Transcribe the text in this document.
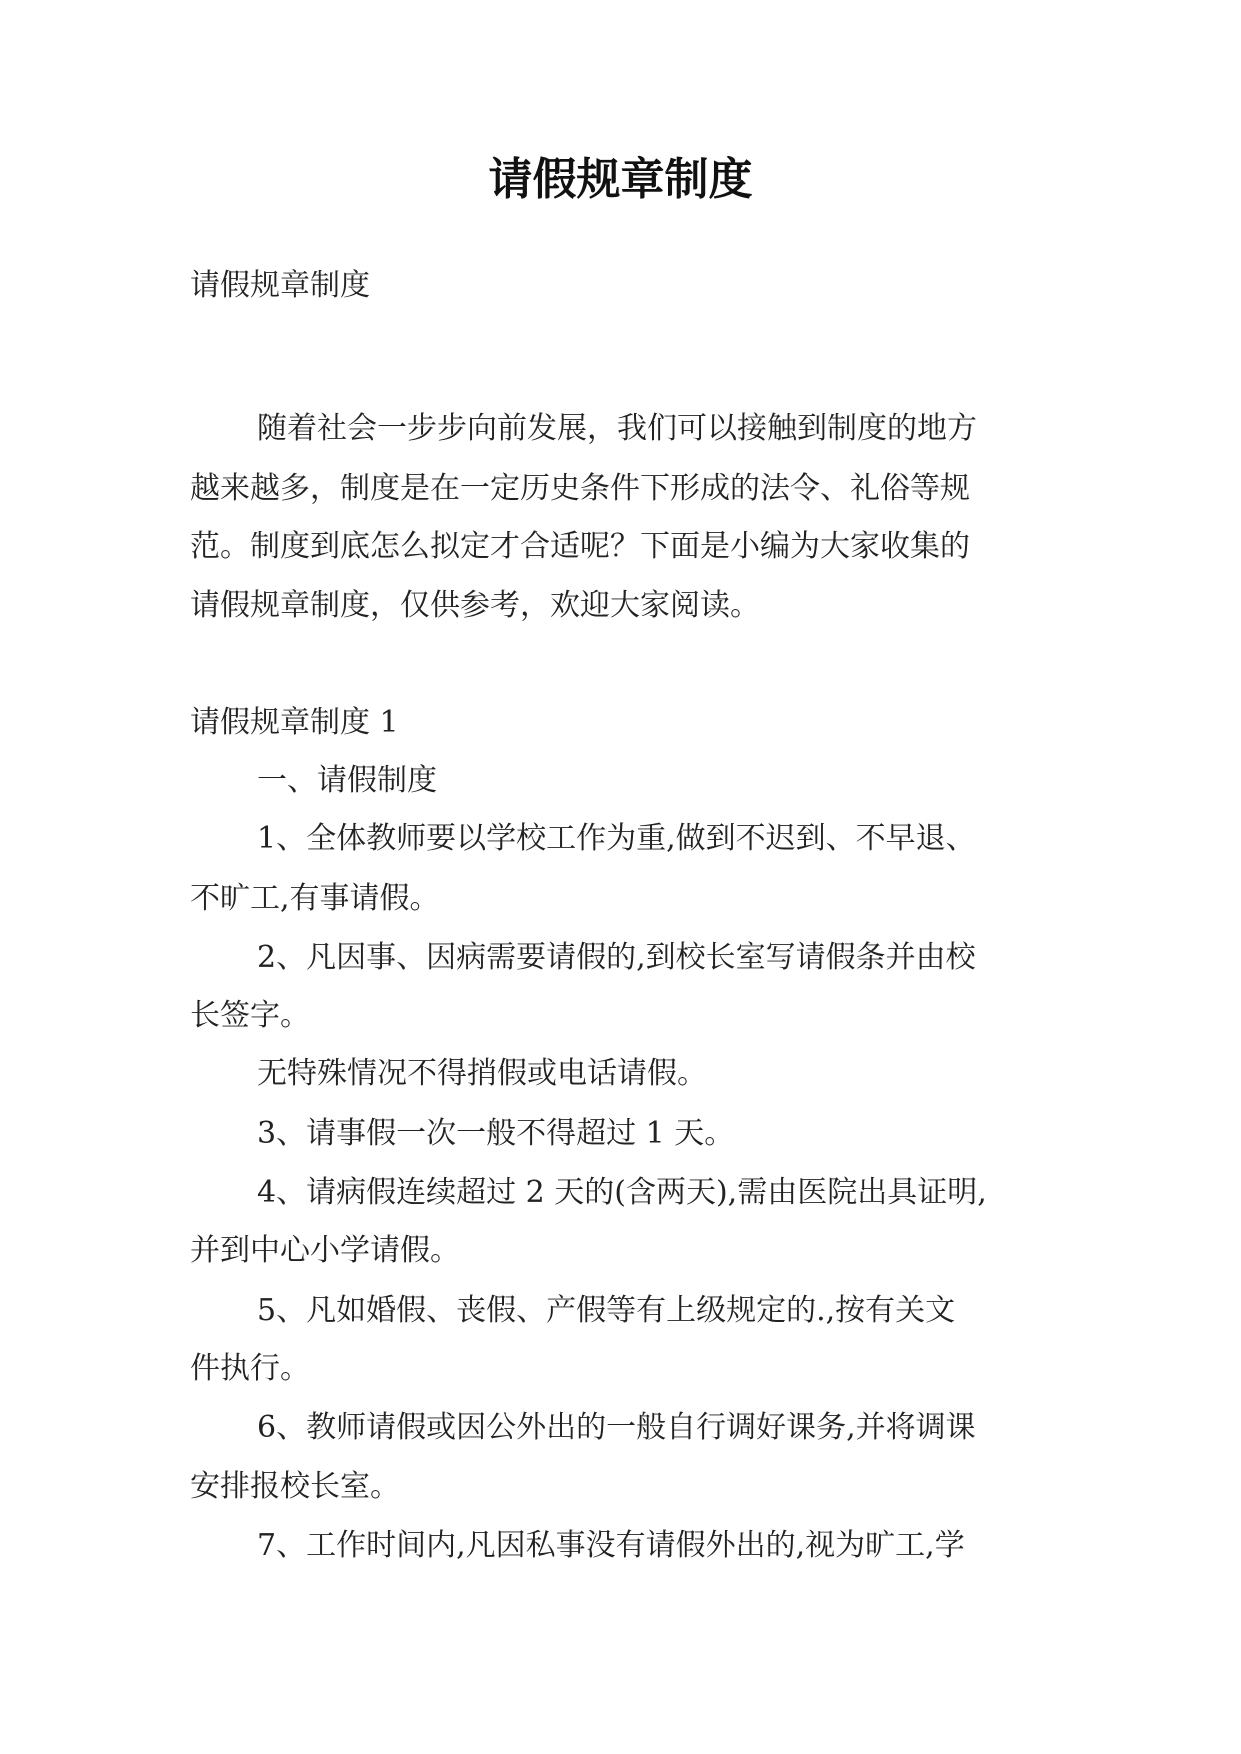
请假规章制度
请假规章制度
随着社会一步步向前发展，我们可以接触到制度的地方
越来越多，制度是在一定历史条件下形成的法令、礼俗等规
范。制度到底怎么拟定才合适呢？下面是小编为大家收集的
请假规章制度，仅供参考，欢迎大家阅读。
请假规章制度 1
一、请假制度
1、全体教师要以学校工作为重,做到不迟到、不早退、
不旷工,有事请假。
2、凡因事、因病需要请假的,到校长室写请假条并由校
长签字。
无特殊情况不得捎假或电话请假。
3、请事假一次一般不得超过 1 天。
4、请病假连续超过 2 天的(含两天),需由医院出具证明,
并到中心小学请假。
5、凡如婚假、丧假、产假等有上级规定的.,按有关文
件执行。
6、教师请假或因公外出的一般自行调好课务,并将调课
安排报校长室。
7、工作时间内,凡因私事没有请假外出的,视为旷工,学
